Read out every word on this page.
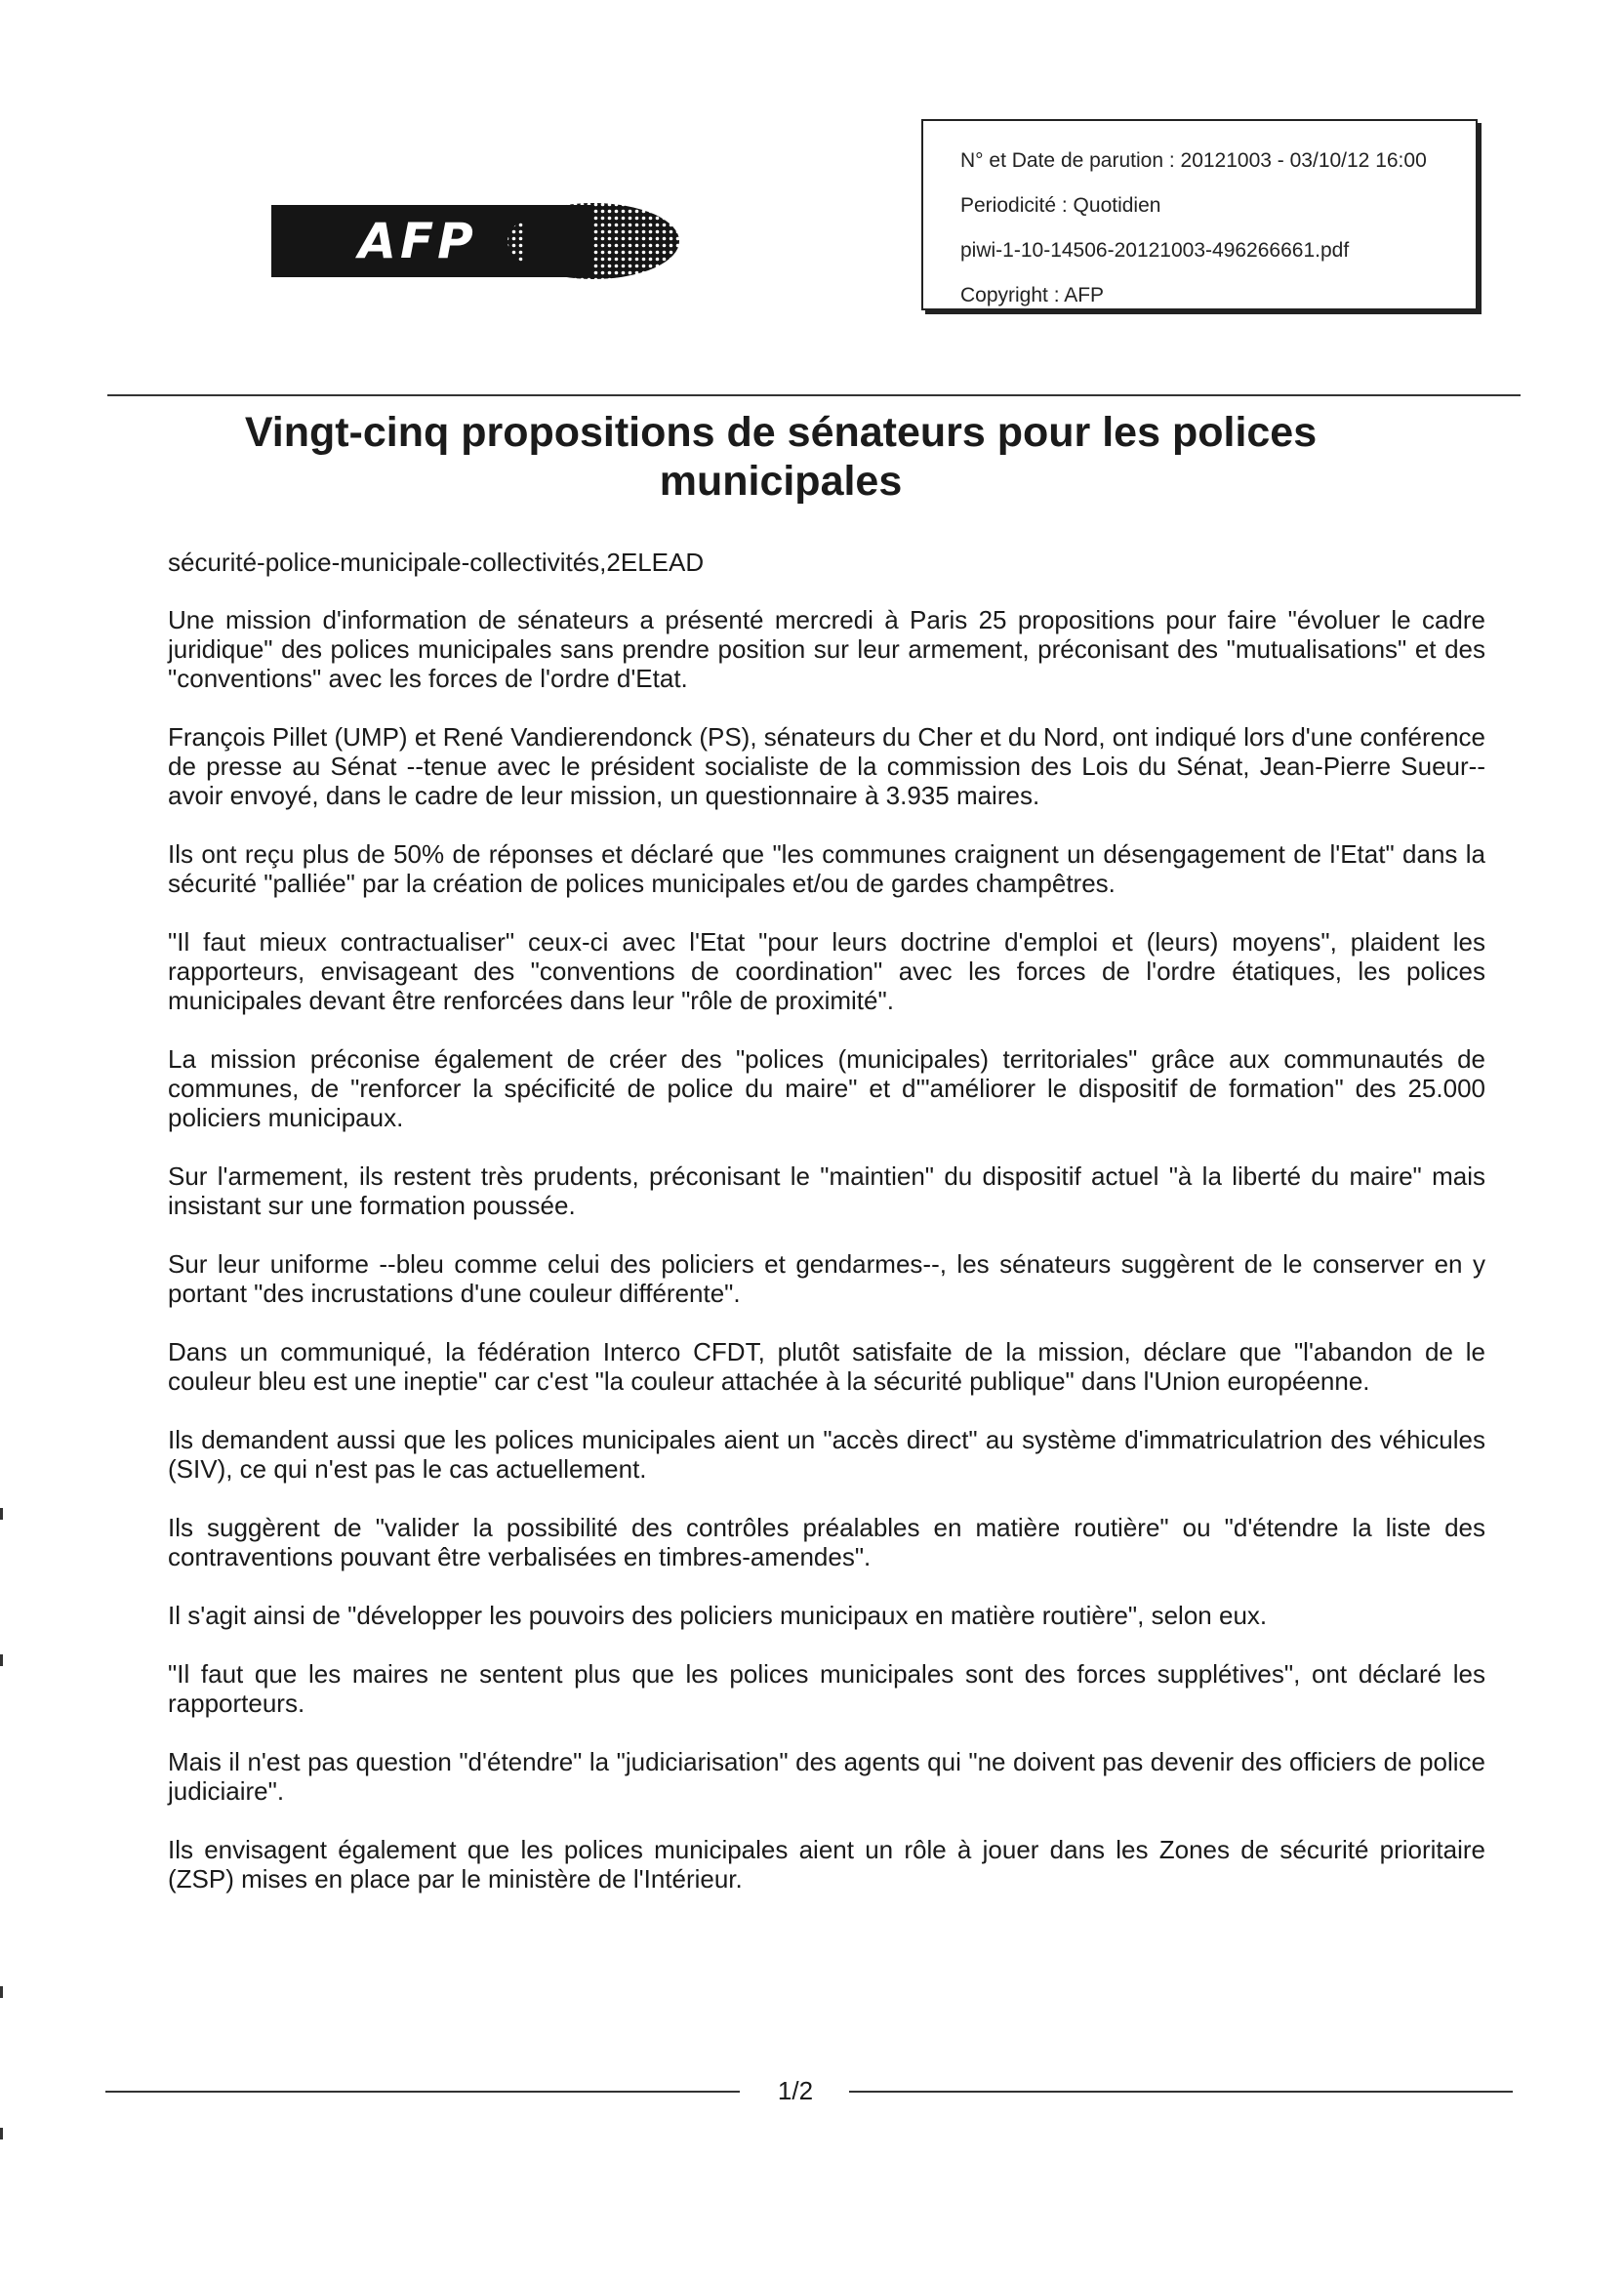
AFP
N° et Date de parution : 20121003 - 03/10/12 16:00
Periodicité : Quotidien
piwi-1-10-14506-20121003-496266661.pdf
Copyright : AFP
Vingt-cinq propositions de sénateurs pour les polices municipales
sécurité-police-municipale-collectivités,2ELEAD

Une mission d'information de sénateurs a présenté mercredi à Paris 25 propositions pour faire "évoluer le cadre juridique" des polices municipales sans prendre position sur leur armement, préconisant des "mutualisations" et des "conventions" avec les forces de l'ordre d'Etat.

François Pillet (UMP) et René Vandierendonck (PS), sénateurs du Cher et du Nord, ont indiqué lors d'une conférence de presse au Sénat --tenue avec le président socialiste de la commission des Lois du Sénat, Jean-Pierre Sueur-- avoir envoyé, dans le cadre de leur mission, un questionnaire à 3.935 maires.

Ils ont reçu plus de 50% de réponses et déclaré que "les communes craignent un désengagement de l'Etat" dans la sécurité "palliée" par la création de polices municipales et/ou de gardes champêtres.

"Il faut mieux contractualiser" ceux-ci avec l'Etat "pour leurs doctrine d'emploi et (leurs) moyens", plaident les rapporteurs, envisageant des "conventions de coordination" avec les forces de l'ordre étatiques, les polices municipales devant être renforcées dans leur "rôle de proximité".

La mission préconise également de créer des "polices (municipales) territoriales" grâce aux communautés de communes, de "renforcer la spécificité de police du maire" et d'"améliorer le dispositif de formation" des 25.000 policiers municipaux.

Sur l'armement, ils restent très prudents, préconisant le "maintien" du dispositif actuel "à la liberté du maire" mais insistant sur une formation poussée.

Sur leur uniforme --bleu comme celui des policiers et gendarmes--, les sénateurs suggèrent de le conserver en y portant "des incrustations d'une couleur différente".

Dans un communiqué, la fédération Interco CFDT, plutôt satisfaite de la mission, déclare que "l'abandon de le couleur bleu est une ineptie" car c'est "la couleur attachée à la sécurité publique" dans l'Union européenne.

Ils demandent aussi que les polices municipales aient un "accès direct" au système d'immatriculatrion des véhicules (SIV), ce qui n'est pas le cas actuellement.

Ils suggèrent de "valider la possibilité des contrôles préalables en matière routière" ou "d'étendre la liste des contraventions pouvant être verbalisées en timbres-amendes".

Il s'agit ainsi de "développer les pouvoirs des policiers municipaux en matière routière", selon eux.

"Il faut que les maires ne sentent plus que les polices municipales sont des forces supplétives", ont déclaré les rapporteurs.

Mais il n'est pas question "d'étendre" la "judiciarisation" des agents qui "ne doivent pas devenir des officiers de police judiciaire".

Ils envisagent également que les polices municipales aient un rôle à jouer dans les Zones de sécurité prioritaire (ZSP) mises en place par le ministère de l'Intérieur.

1/2
